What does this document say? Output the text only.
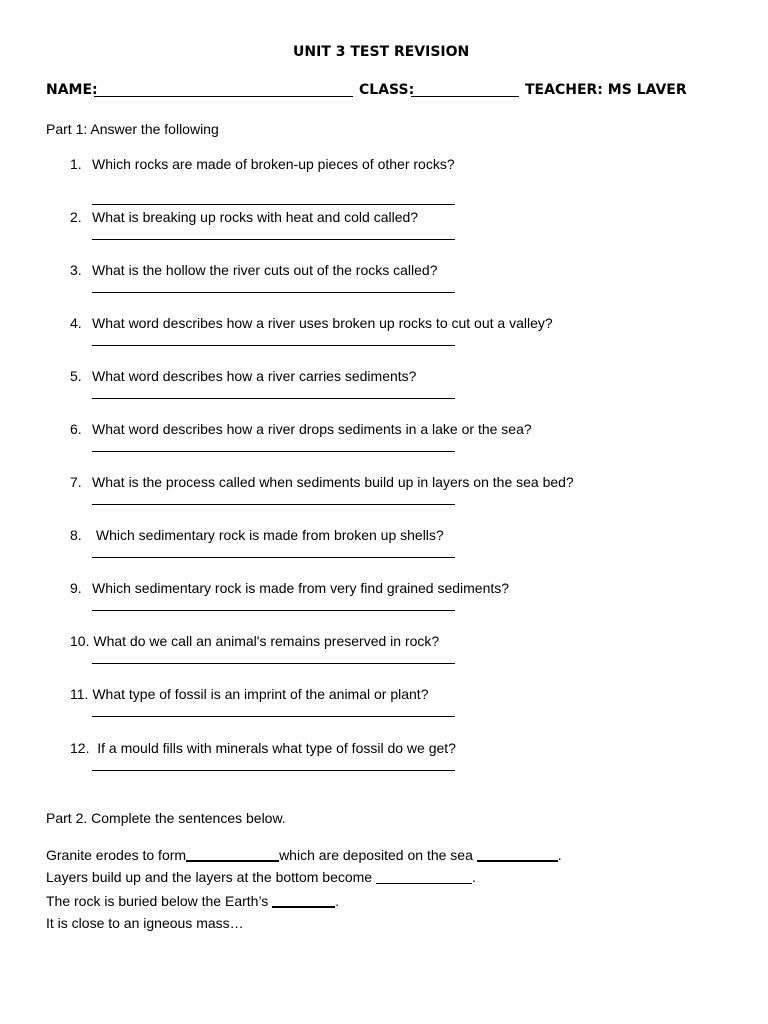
UNIT 3 TEST REVISION
NAME:	CLASS:	TEACHER: MS LAVER
Part 1: Answer the following
1. Which rocks are made of broken-up pieces of other rocks?
2. What is breaking up rocks with heat and cold called?
3. What is the hollow the river cuts out of the rocks called?
4. What word describes how a river uses broken up rocks to cut out a valley?
5. What word describes how a river carries sediments?
6. What word describes how a river drops sediments in a lake or the sea?
7. What is the process called when sediments build up in layers on the sea bed?
8. Which sedimentary rock is made from broken up shells?
9. Which sedimentary rock is made from very find grained sediments?
10. What do we call an animal's remains preserved in rock?
11. What type of fossil is an imprint of the animal or plant?
12.  If a mould fills with minerals what type of fossil do we get?
Part 2. Complete the sentences below.
Granite erodes to form	which are deposited on the sea	.
Layers build up and the layers at the bottom become	.
The rock is buried below the Earth’s	.
It is close to an igneous mass…
